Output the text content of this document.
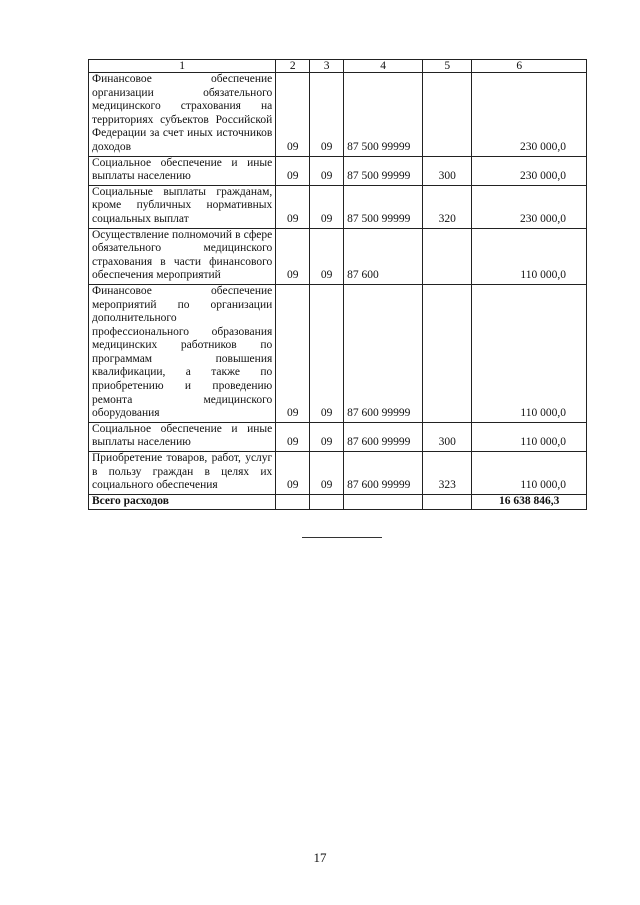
1	2	3	4	5	6
Финансовое обеспечение организации обязательного медицинского страхования на территориях субъектов Российской Федерации за счет иных источников доходов	09	09	87 500 99999		230 000,0
Социальное обеспечение и иные выплаты населению	09	09	87 500 99999	300	230 000,0
Социальные выплаты гражданам, кроме публичных нормативных социальных выплат	09	09	87 500 99999	320	230 000,0
Осуществление полномочий в сфере обязательного медицинского страхования в части финансового обеспечения мероприятий	09	09	87 600		110 000,0
Финансовое обеспечение мероприятий по организации дополнительного профессионального образования медицинских работников по программам повышения квалификации, а также по приобретению и проведению ремонта медицинского оборудования	09	09	87 600 99999		110 000,0
Социальное обеспечение и иные выплаты населению	09	09	87 600 99999	300	110 000,0
Приобретение товаров, работ, услуг в пользу граждан в целях их социального обеспечения	09	09	87 600 99999	323	110 000,0
Всего расходов					16 638 846,3
17
